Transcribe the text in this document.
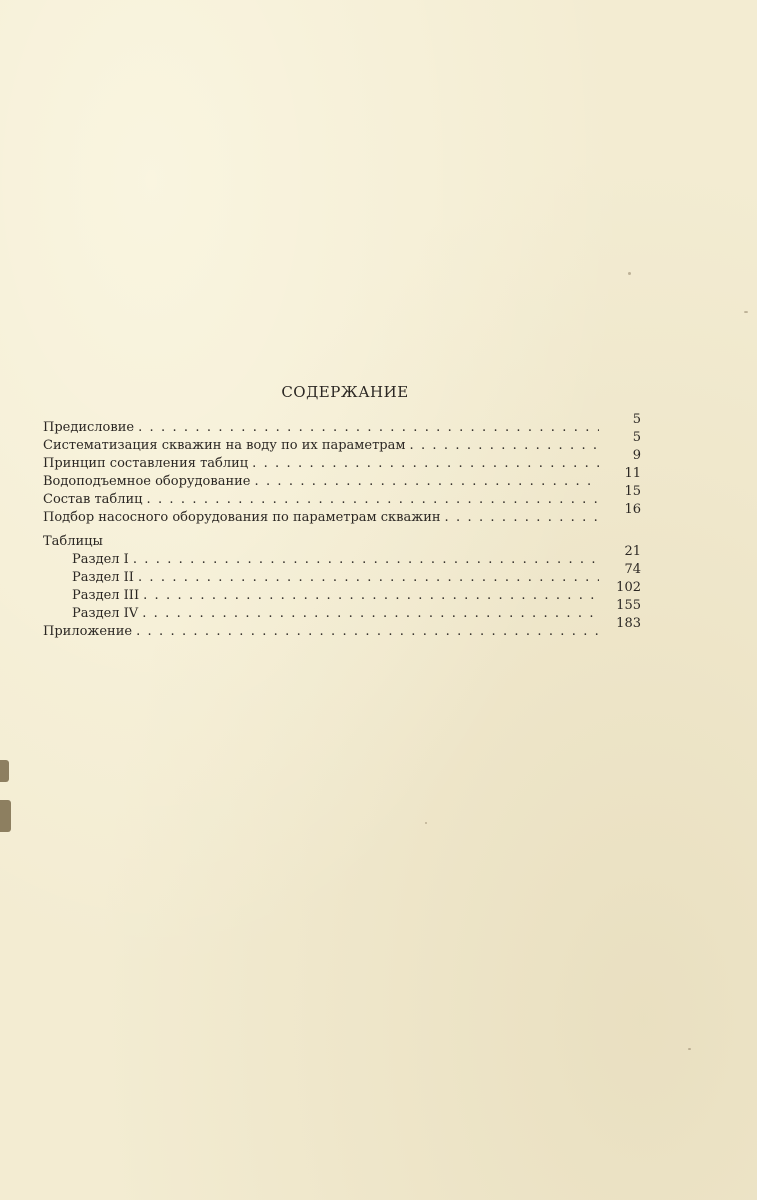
СОДЕРЖАНИЕ
Предисловие
. . .
5
Систематизация скважин на воду по их параметрам
. . .
5
Принцип составления таблиц
. . .
9
Водоподъемное оборудование
. . .
11
Состав таблиц
. . .
15
Подбор насосного оборудования по параметрам скважин
. . .
16
Таблицы
Раздел I
. . .
21
Раздел II
. . .
74
Раздел III
. . .
102
Раздел IV
. . .
155
Приложение
. . .
183
